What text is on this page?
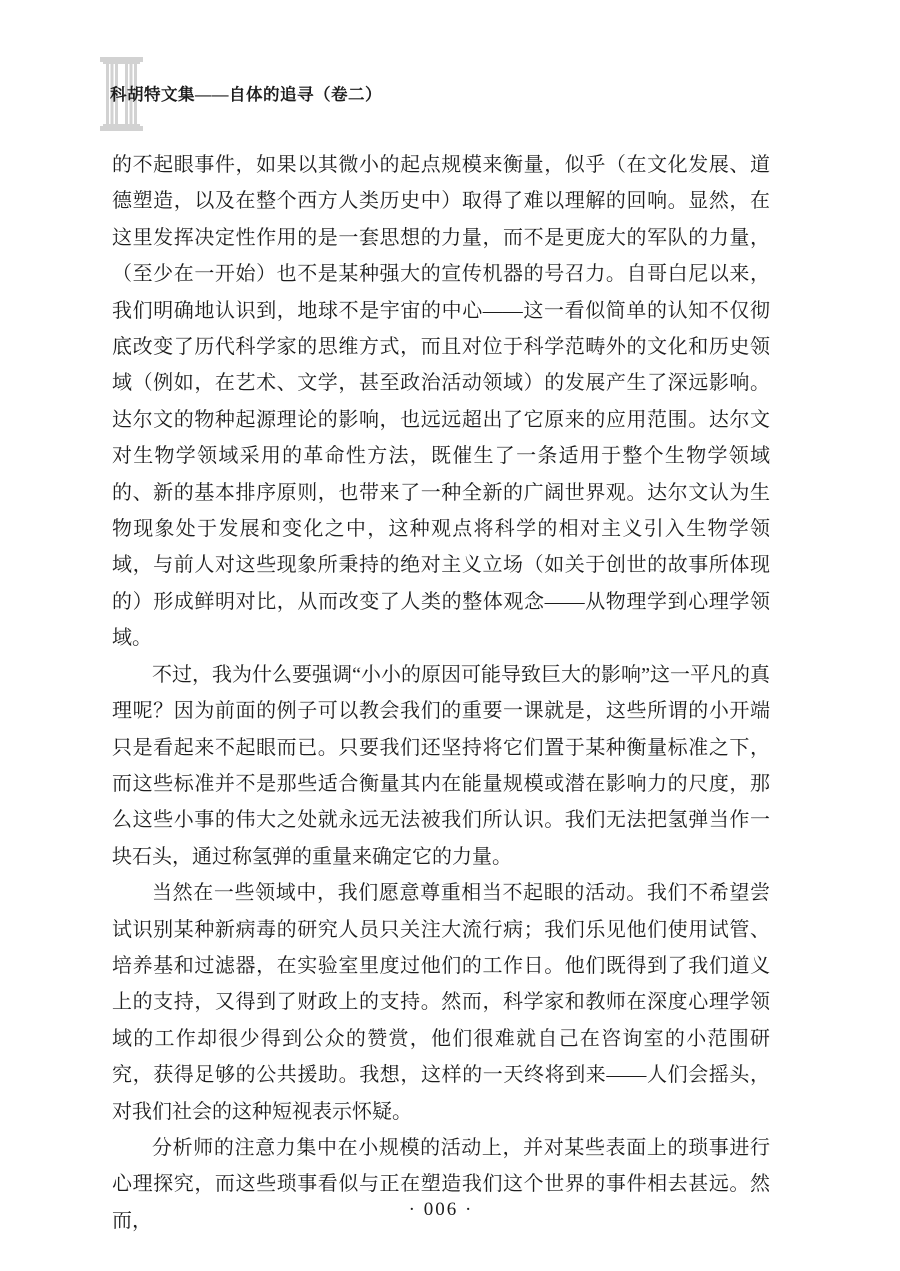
科胡特文集——自体的追寻（卷二）

的不起眼事件，如果以其微小的起点规模来衡量，似乎（在文化发展、道德塑造，以及在整个西方人类历史中）取得了难以理解的回响。显然，在这里发挥决定性作用的是一套思想的力量，而不是更庞大的军队的力量，（至少在一开始）也不是某种强大的宣传机器的号召力。自哥白尼以来，我们明确地认识到，地球不是宇宙的中心——这一看似简单的认知不仅彻底改变了历代科学家的思维方式，而且对位于科学范畴外的文化和历史领域（例如，在艺术、文学，甚至政治活动领域）的发展产生了深远影响。达尔文的物种起源理论的影响，也远远超出了它原来的应用范围。达尔文对生物学领域采用的革命性方法，既催生了一条适用于整个生物学领域的、新的基本排序原则，也带来了一种全新的广阔世界观。达尔文认为生物现象处于发展和变化之中，这种观点将科学的相对主义引入生物学领域，与前人对这些现象所秉持的绝对主义立场（如关于创世的故事所体现的）形成鲜明对比，从而改变了人类的整体观念——从物理学到心理学领域。

不过，我为什么要强调“小小的原因可能导致巨大的影响”这一平凡的真理呢？因为前面的例子可以教会我们的重要一课就是，这些所谓的小开端只是看起来不起眼而已。只要我们还坚持将它们置于某种衡量标准之下，而这些标准并不是那些适合衡量其内在能量规模或潜在影响力的尺度，那么这些小事的伟大之处就永远无法被我们所认识。我们无法把氢弹当作一块石头，通过称氢弹的重量来确定它的力量。

当然在一些领域中，我们愿意尊重相当不起眼的活动。我们不希望尝试识别某种新病毒的研究人员只关注大流行病；我们乐见他们使用试管、培养基和过滤器，在实验室里度过他们的工作日。他们既得到了我们道义上的支持，又得到了财政上的支持。然而，科学家和教师在深度心理学领域的工作却很少得到公众的赞赏，他们很难就自己在咨询室的小范围研究，获得足够的公共援助。我想，这样的一天终将到来——人们会摇头，对我们社会的这种短视表示怀疑。

分析师的注意力集中在小规模的活动上，并对某些表面上的琐事进行心理探究，而这些琐事看似与正在塑造我们这个世界的事件相去甚远。然而，

· 006 ·
